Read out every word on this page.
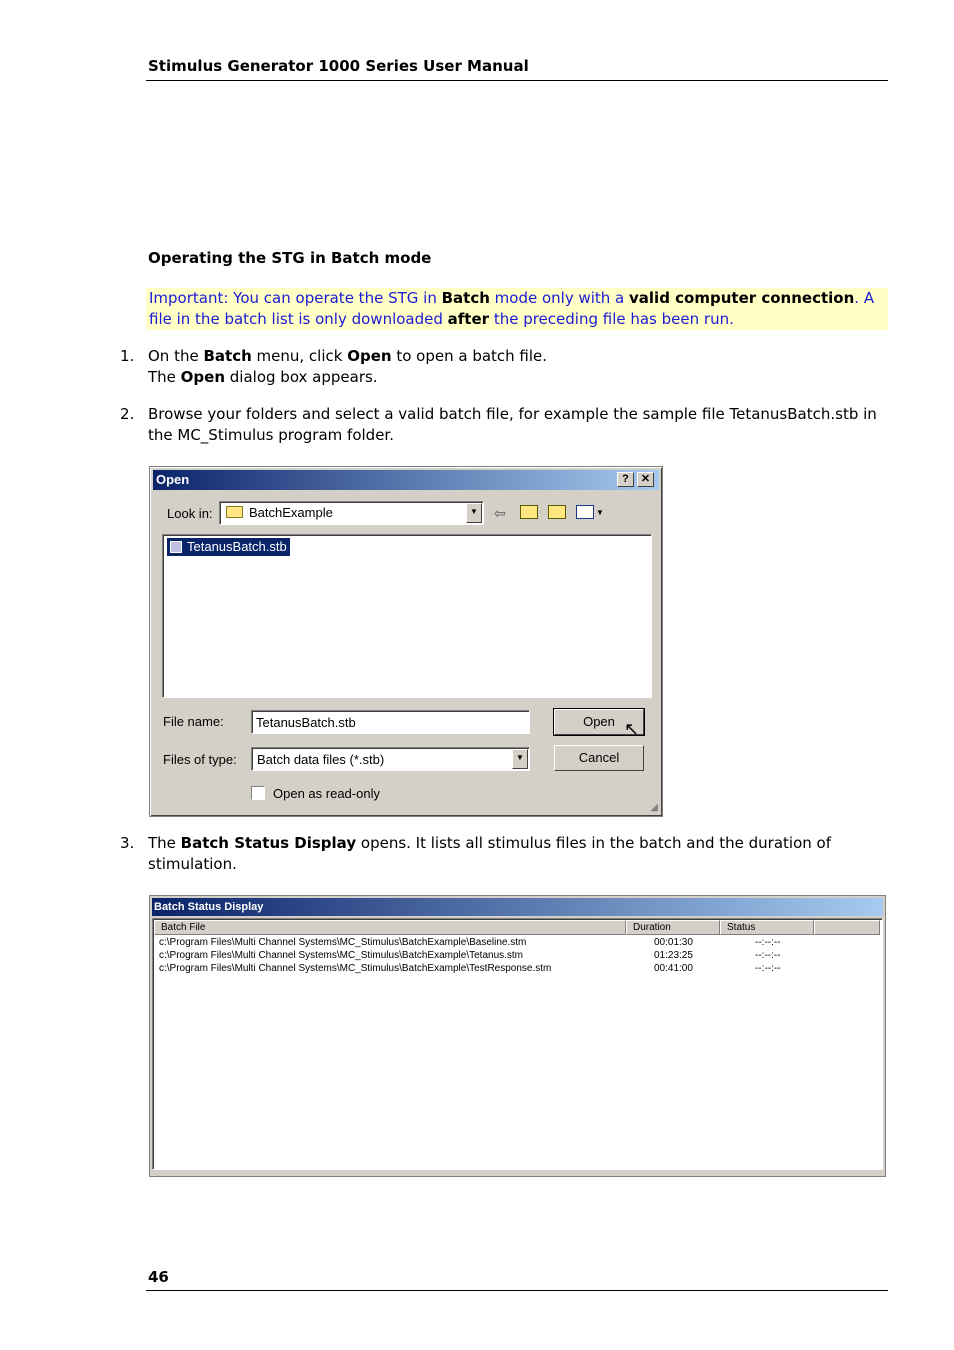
Stimulus Generator 1000 Series User Manual
Operating the STG in Batch mode
Important: You can operate the STG in Batch mode only with a valid computer connection. A file in the batch list is only downloaded after the preceding file has been run.
1. On the Batch menu, click Open to open a batch file.
The Open dialog box appears.
2. Browse your folders and select a valid batch file, for example the sample file TetanusBatch.stb in the MC_Stimulus program folder.
Open	?	✕
Look in:	BatchExample	▼ ⇦	▼
TetanusBatch.stb
File name: TetanusBatch.stb
Files of type: Batch data files (*.stb)	▼
Open ↖
Cancel
Open as read-only
◢
3. The Batch Status Display opens. It lists all stimulus files in the batch and the duration of stimulation.
Batch Status Display
Batch File	Duration	Status
c:\Program Files\Multi Channel Systems\MC_Stimulus\BatchExample\Baseline.stm	00:01:30	--:--:--
c:\Program Files\Multi Channel Systems\MC_Stimulus\BatchExample\Tetanus.stm	01:23:25	--:--:--
c:\Program Files\Multi Channel Systems\MC_Stimulus\BatchExample\TestResponse.stm	00:41:00	--:--:--
46
